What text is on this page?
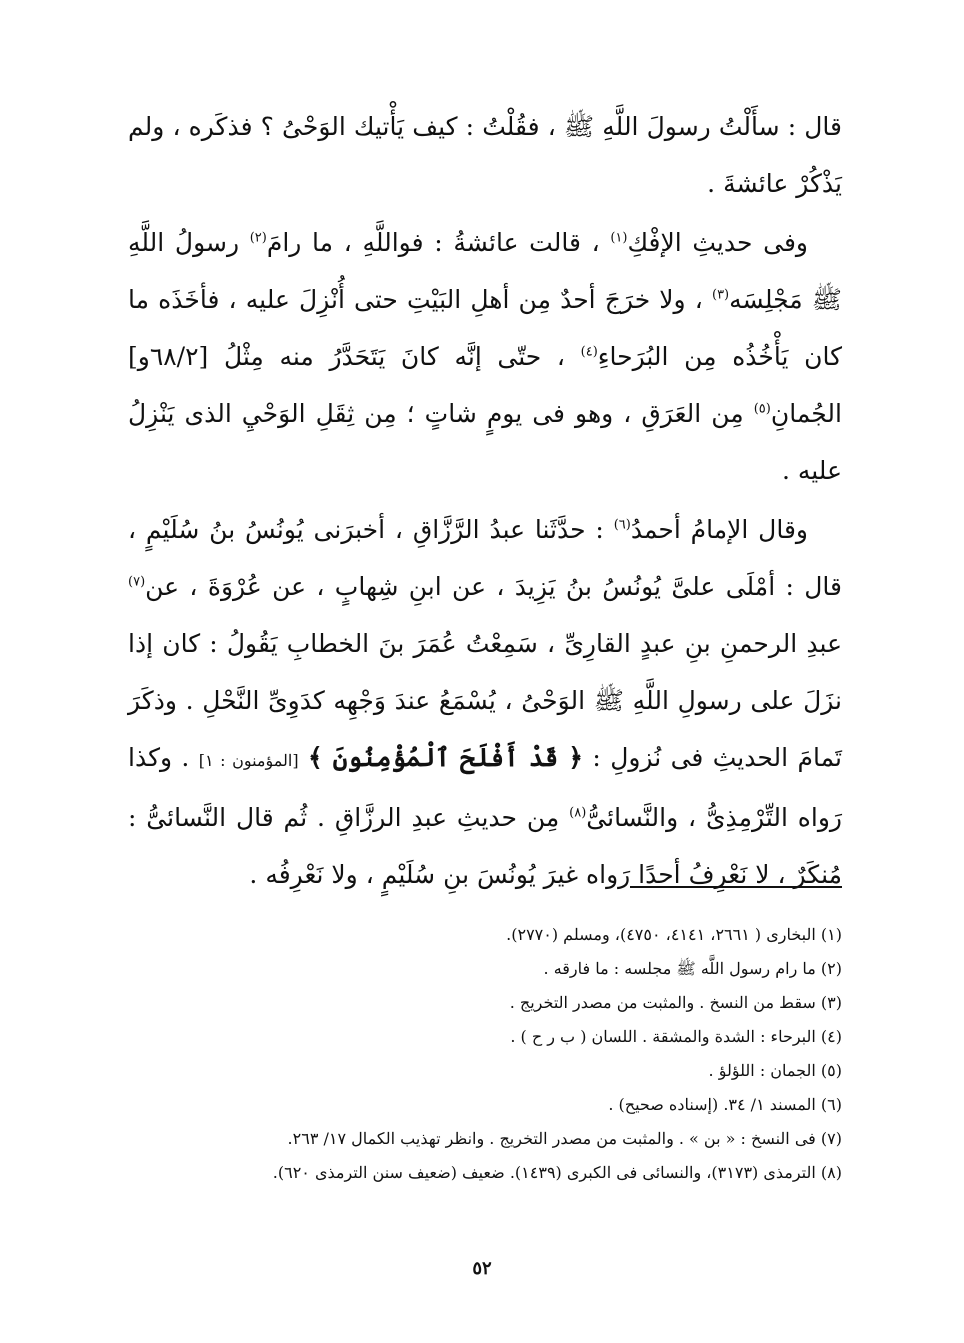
قال : سأَلْتُ رسولَ اللَّهِ ﷺ ، فقُلْتُ : كيف يَأْتيك الوَحْىُ ؟ فذكَره ، ولم يَذْكُرْ عائشةَ .

وفى حديثِ الإفْكِ$^{(١)}$ ، قالت عائشةُ : فواللَّهِ ، ما رامَ$^{(٢)}$ رسولُ اللَّهِ ﷺ مَجْلِسَه$^{(٣)}$ ، ولا خرَجَ أحدٌ مِن أهلِ البَيْتِ حتى أُنْزِلَ عليه ، فأخَذَه ما كان يَأْخُذُه مِن البُرَحاءِ$^{(٤)}$ ، حتّى إنَّه كانَ يَتَحَدَّرُ منه مِثْلُ [٦٨/٢و] الجُمانِ$^{(٥)}$ مِن العَرَقِ ، وهو فى يومٍ شاتٍ ؛ مِن ثِقَلِ الوَحْيِ الذى يَنْزِلُ عليه .

وقال الإمامُ أحمدُ$^{(٦)}$ : حدَّثَنا عبدُ الرَّزَّاقِ ، أخبرَنى يُونُسُ بنُ سُلَيْمٍ ، قال : أمْلَى علىَّ يُونُسُ بنُ يَزِيدَ ، عن ابنِ شِهابٍ ، عن عُرْوَةَ ، عن$^{(٧)}$ عبدِ الرحمنِ بنِ عبدٍ القارِىِّ ، سَمِعْتُ عُمَرَ بنَ الخطابِ يَقُولُ : كان إذا نزَلَ على رسولِ اللَّهِ ﷺ الوَحْىُ ، يُسْمَعُ عندَ وَجْهِه كدَوِىِّ النَّحْلِ . وذكَرَ تَمامَ الحديثِ فى نُزولِ : ﴿ قَدْ أَفْلَحَ ٱلْمُؤْمِنُونَ ﴾ [المؤمنون : ١] . وكذا رَواه التِّرْمِذِىُّ ، والنَّسائىُّ$^{(٨)}$ مِن حديثِ عبدِ الرزَّاقِ . ثُم قال النَّسائىُّ : مُنكَرٌ ، لا نَعْرِفُ أحدًا رَواه غيرَ يُونُسَ بنِ سُلَيْمٍ ، ولا نَعْرِفُه .

(١) البخارى ( ٢٦٦١، ٤١٤١، ٤٧٥٠)، ومسلم (٢٧٧٠).

(٢) ما رام رسول اللَّه ﷺ مجلسه : ما فارقه .

(٣) سقط من النسخ . والمثبت من مصدر التخريج .

(٤) البرحاء : الشدة والمشقة . اللسان ( ب ر ح ) .

(٥) الجمان : اللؤلؤ .

(٦) المسند ١/ ٣٤. (إسناده صحيح) .

(٧) فى النسخ : « بن » . والمثبت من مصدر التخريج . وانظر تهذيب الكمال ١٧/ ٢٦٣.

(٨) الترمذى (٣١٧٣)، والنسائى فى الكبرى (١٤٣٩). ضعيف (ضعيف سنن الترمذى ٦٢٠).

٥٢
